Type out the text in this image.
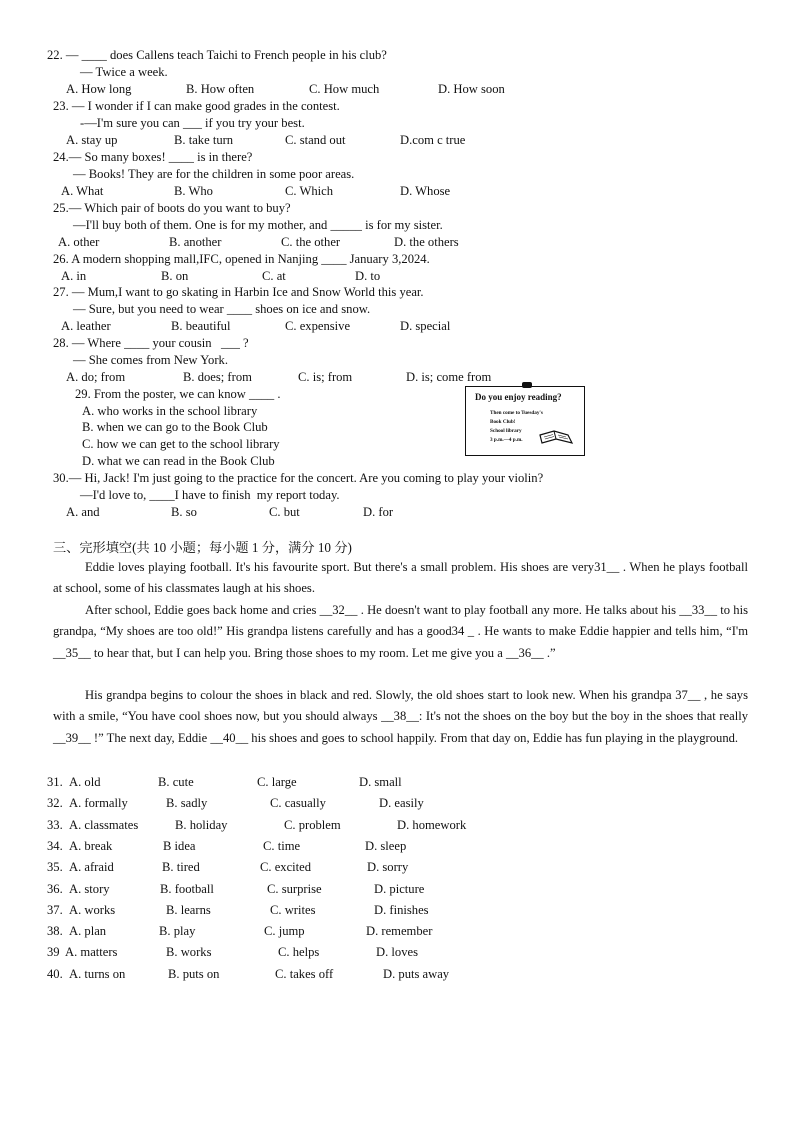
22. — ____ does Callens teach Taichi to French people in his club?
— Twice a week.
A. How long	B. How often	C. How much	D. How soon
23. — I wonder if I can make good grades in the contest.
-—I'm sure you can ___ if you try your best.
A. stay up	B. take turn	C. stand out	D.com c true
24.— So many boxes! ____ is in there?
— Books! They are for the children in some poor areas.
A. What	B. Who	C. Which	D. Whose
25.— Which pair of boots do you want to buy?
—I'll buy both of them. One is for my mother, and _____ is for my sister.
A. other	B. another	C. the other	D. the others
26. A modern shopping mall,IFC, opened in Nanjing ____ January 3,2024.
A. in	B. on	C. at	D. to
27. — Mum,I want to go skating in Harbin Ice and Snow World this year.
— Sure, but you need to wear ____ shoes on ice and snow.
A. leather	B. beautiful	C. expensive	D. special
28. — Where ____ your cousin   ___ ?
— She comes from New York.
A. do; from	B. does; from	C. is; from	D. is; come from
29. From the poster, we can know ____ .
A. who works in the school library
B. when we can go to the Book Club
C. how we can get to the school library
D. what we can read in the Book Club
Do you enjoy reading?
Then come to Tuesday's
Book Club!
School library
3 p.m.—4 p.m.
30.— Hi, Jack! I'm just going to the practice for the concert. Are you coming to play your violin?
—I'd love to, ____I have to finish  my report today.
A. and	B. so	C. but	D. for
三、完形填空(共 10 小题；每小题 1 分，满分 10 分)
Eddie loves playing football. It's his favourite sport. But there's a small problem. His shoes are very31__ . When he plays football at school, some of his classmates laugh at his shoes.
After school, Eddie goes back home and cries __32__ . He doesn't want to play football any more. He talks about his __33__ to his grandpa, “My shoes are too old!” His grandpa listens carefully and has a good34 _ . He wants to make Eddie happier and tells him, “I'm __35__ to hear that, but I can help you. Bring those shoes to my room. Let me give you a __36__ .”
His grandpa begins to colour the shoes in black and red. Slowly, the old shoes start to look new. When his grandpa 37__ , he says with a smile, “You have cool shoes now, but you should always __38__: It's not the shoes on the boy but the boy in the shoes that really __39__ !” The next day, Eddie __40__ his shoes and goes to school happily. From that day on, Eddie has fun playing in the playground.
31. A. old	B. cute	C. large	D. small
32. A. formally	B. sadly	C. casually	D. easily
33. A. classmates	B. holiday	C. problem	D. homework
34. A. break	B idea	C. time	D. sleep
35. A. afraid	B. tired	C. excited	D. sorry
36. A. story	B. football	C. surprise	D. picture
37. A. works	B. learns	C. writes	D. finishes
38. A. plan	B. play	C. jump	D. remember
39 A. matters	B. works	C. helps	D. loves
40. A. turns on	B. puts on	C. takes off	D. puts away
